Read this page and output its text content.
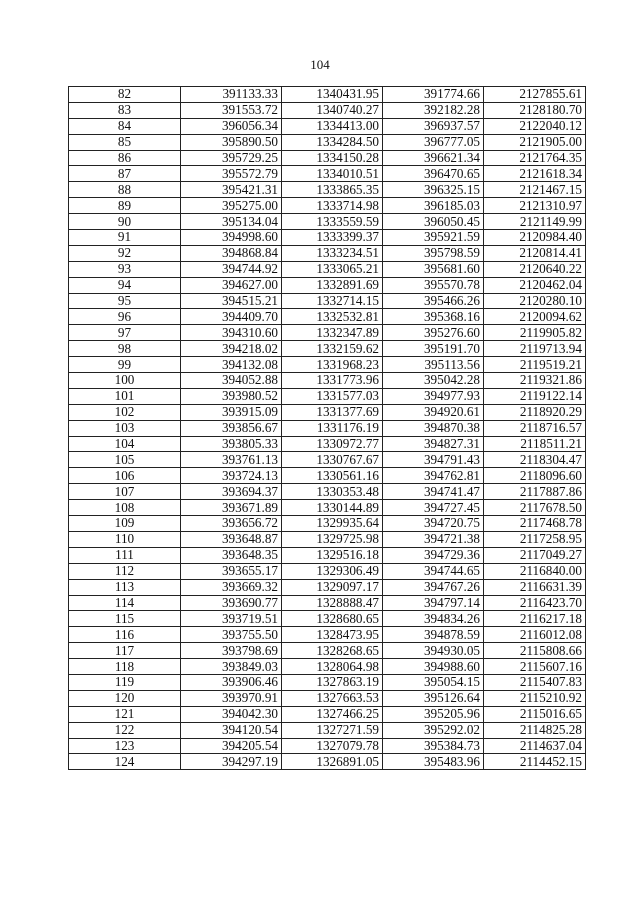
104
82	391133.33	1340431.95	391774.66	2127855.61
83	391553.72	1340740.27	392182.28	2128180.70
84	396056.34	1334413.00	396937.57	2122040.12
85	395890.50	1334284.50	396777.05	2121905.00
86	395729.25	1334150.28	396621.34	2121764.35
87	395572.79	1334010.51	396470.65	2121618.34
88	395421.31	1333865.35	396325.15	2121467.15
89	395275.00	1333714.98	396185.03	2121310.97
90	395134.04	1333559.59	396050.45	2121149.99
91	394998.60	1333399.37	395921.59	2120984.40
92	394868.84	1333234.51	395798.59	2120814.41
93	394744.92	1333065.21	395681.60	2120640.22
94	394627.00	1332891.69	395570.78	2120462.04
95	394515.21	1332714.15	395466.26	2120280.10
96	394409.70	1332532.81	395368.16	2120094.62
97	394310.60	1332347.89	395276.60	2119905.82
98	394218.02	1332159.62	395191.70	2119713.94
99	394132.08	1331968.23	395113.56	2119519.21
100	394052.88	1331773.96	395042.28	2119321.86
101	393980.52	1331577.03	394977.93	2119122.14
102	393915.09	1331377.69	394920.61	2118920.29
103	393856.67	1331176.19	394870.38	2118716.57
104	393805.33	1330972.77	394827.31	2118511.21
105	393761.13	1330767.67	394791.43	2118304.47
106	393724.13	1330561.16	394762.81	2118096.60
107	393694.37	1330353.48	394741.47	2117887.86
108	393671.89	1330144.89	394727.45	2117678.50
109	393656.72	1329935.64	394720.75	2117468.78
110	393648.87	1329725.98	394721.38	2117258.95
111	393648.35	1329516.18	394729.36	2117049.27
112	393655.17	1329306.49	394744.65	2116840.00
113	393669.32	1329097.17	394767.26	2116631.39
114	393690.77	1328888.47	394797.14	2116423.70
115	393719.51	1328680.65	394834.26	2116217.18
116	393755.50	1328473.95	394878.59	2116012.08
117	393798.69	1328268.65	394930.05	2115808.66
118	393849.03	1328064.98	394988.60	2115607.16
119	393906.46	1327863.19	395054.15	2115407.83
120	393970.91	1327663.53	395126.64	2115210.92
121	394042.30	1327466.25	395205.96	2115016.65
122	394120.54	1327271.59	395292.02	2114825.28
123	394205.54	1327079.78	395384.73	2114637.04
124	394297.19	1326891.05	395483.96	2114452.15
